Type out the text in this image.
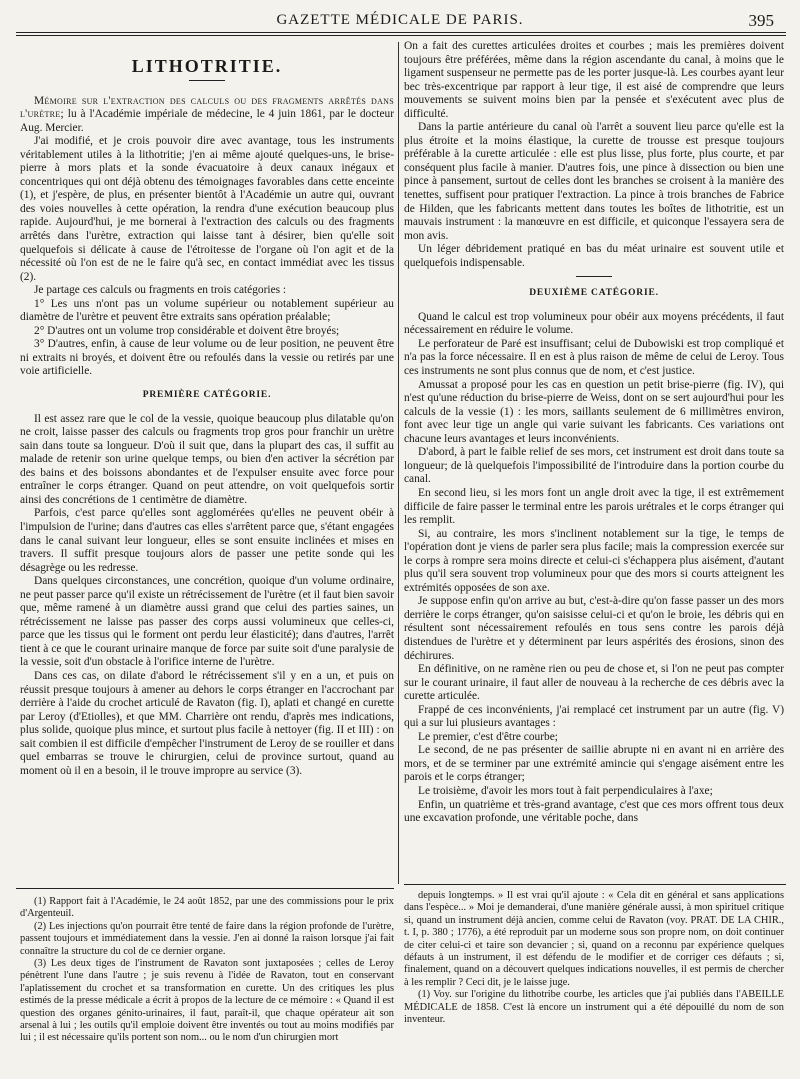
GAZETTE MÉDICALE DE PARIS.	395
LITHOTRITIE.

Mémoire sur l'extraction des calculs ou des fragments arrêtés dans l'urètre; lu à l'Académie impériale de médecine, le 4 juin 1861, par le docteur Aug. Mercier.

J'ai modifié, et je crois pouvoir dire avec avantage, tous les instruments véritablement utiles à la lithotritie; j'en ai même ajouté quelques-uns, le brise-pierre à mors plats et la sonde évacuatoire à deux canaux inégaux et concentriques qui ont déjà obtenu des témoignages favorables dans cette enceinte (1), et j'espère, de plus, en présenter bientôt à l'Académie un autre qui, ouvrant des voies nouvelles à cette opération, la rendra d'une exécution beaucoup plus rapide. Aujourd'hui, je me bornerai à l'extraction des calculs ou des fragments arrêtés dans l'urètre, extraction qui laisse tant à désirer, bien qu'elle soit quelquefois si délicate à cause de l'étroitesse de l'organe où l'on agit et de la nécessité où l'on est de ne le faire qu'à sec, en contact immédiat avec les tissus (2).

Je partage ces calculs ou fragments en trois catégories :

1° Les uns n'ont pas un volume supérieur ou notablement supérieur au diamètre de l'urètre et peuvent être extraits sans opération préalable;

2° D'autres ont un volume trop considérable et doivent être broyés;

3° D'autres, enfin, à cause de leur volume ou de leur position, ne peuvent être ni extraits ni broyés, et doivent être ou refoulés dans la vessie ou retirés par une voie artificielle.

PREMIÈRE CATÉGORIE.

Il est assez rare que le col de la vessie, quoique beaucoup plus dilatable qu'on ne croit, laisse passer des calculs ou fragments trop gros pour franchir un urètre sain dans toute sa longueur. D'où il suit que, dans la plupart des cas, il suffit au malade de retenir son urine quelque temps, ou bien d'en activer la sécrétion par des bains et des boissons abondantes et de l'expulser ensuite avec force pour entraîner le corps étranger. Quand on peut attendre, on voit quelquefois sortir ainsi des concrétions de 1 centimètre de diamètre.

Parfois, c'est parce qu'elles sont agglomérées qu'elles ne peuvent obéir à l'impulsion de l'urine; dans d'autres cas elles s'arrêtent parce que, s'étant engagées dans le canal suivant leur longueur, elles se sont ensuite inclinées et mises en travers. Il suffit presque toujours alors de passer une petite sonde qui les désagrège ou les redresse.

Dans quelques circonstances, une concrétion, quoique d'un volume ordinaire, ne peut passer parce qu'il existe un rétrécissement de l'urètre (et il faut bien savoir que, même ramené à un diamètre aussi grand que celui des parties saines, un rétrécissement ne laisse pas passer des corps aussi volumineux que celles-ci, parce que les tissus qui le forment ont perdu leur élasticité); dans d'autres, l'arrêt tient à ce que le courant urinaire manque de force par suite soit d'une paralysie de la vessie, soit d'un obstacle à l'orifice interne de l'urètre.

Dans ces cas, on dilate d'abord le rétrécissement s'il y en a un, et puis on réussit presque toujours à amener au dehors le corps étranger en l'accrochant par derrière à l'aide du crochet articulé de Ravaton (fig. I), aplati et changé en curette par Leroy (d'Etiolles), et que MM. Charrière ont rendu, d'après mes indications, plus solide, quoique plus mince, et surtout plus facile à nettoyer (fig. II et III) : on sait combien il est difficile d'empêcher l'instrument de Leroy de se rouiller et dans quel embarras se trouve le chirurgien, celui de province surtout, quand au moment où il en a besoin, il le trouve impropre au service (3).

On a fait des curettes articulées droites et courbes ; mais les premières doivent toujours être préférées, même dans la région ascendante du canal, à moins que le ligament suspenseur ne permette pas de les porter jusque-là. Les courbes ayant leur bec très-excentrique par rapport à leur tige, il est aisé de comprendre que leurs mouvements se suivent moins bien par la pensée et s'exécutent avec plus de difficulté.

Dans la partie antérieure du canal où l'arrêt a souvent lieu parce qu'elle est la plus étroite et la moins élastique, la curette de trousse est presque toujours préférable à la curette articulée : elle est plus lisse, plus forte, plus courte, et par conséquent plus facile à manier. D'autres fois, une pince à dissection ou bien une pince à pansement, surtout de celles dont les branches se croisent à la manière des tenettes, suffisent pour pratiquer l'extraction. La pince à trois branches de Fabrice de Hilden, que les fabricants mettent dans toutes les boîtes de lithotritie, est un mauvais instrument : la manœuvre en est difficile, et quiconque l'essayera sera de mon avis.

Un léger débridement pratiqué en bas du méat urinaire est souvent utile et quelquefois indispensable.

DEUXIÈME CATÉGORIE.

Quand le calcul est trop volumineux pour obéir aux moyens précédents, il faut nécessairement en réduire le volume.

Le perforateur de Paré est insuffisant; celui de Dubowiski est trop compliqué et n'a pas la force nécessaire. Il en est à plus raison de même de celui de Leroy. Tous ces instruments ne sont plus connus que de nom, et c'est justice.

Amussat a proposé pour les cas en question un petit brise-pierre (fig. IV), qui n'est qu'une réduction du brise-pierre de Weiss, dont on se sert aujourd'hui pour les calculs de la vessie (1) : les mors, saillants seulement de 6 millimètres environ, font avec leur tige un angle qui varie suivant les fabricants. Ces variations ont chacune leurs avantages et leurs inconvénients.

D'abord, à part le faible relief de ses mors, cet instrument est droit dans toute sa longueur; de là quelquefois l'impossibilité de l'introduire dans la portion courbe du canal.

En second lieu, si les mors font un angle droit avec la tige, il est extrêmement difficile de faire passer le terminal entre les parois urétrales et le corps étranger qui les remplit.

Si, au contraire, les mors s'inclinent notablement sur la tige, le temps de l'opération dont je viens de parler sera plus facile; mais la compression exercée sur le corps à rompre sera moins directe et celui-ci s'échappera plus aisément, d'autant plus qu'il sera souvent trop volumineux pour que des mors si courts atteignent les extrémités opposées de son axe.

Je suppose enfin qu'on arrive au but, c'est-à-dire qu'on fasse passer un des mors derrière le corps étranger, qu'on saisisse celui-ci et qu'on le broie, les débris qui en résultent sont nécessairement refoulés en tous sens contre les parois déjà distendues de l'urètre et y déterminent par leurs aspérités des érosions, sinon des déchirures.

En définitive, on ne ramène rien ou peu de chose et, si l'on ne peut pas compter sur le courant urinaire, il faut aller de nouveau à la recherche de ces débris avec la curette articulée.

Frappé de ces inconvénients, j'ai remplacé cet instrument par un autre (fig. V) qui a sur lui plusieurs avantages :

Le premier, c'est d'être courbe;

Le second, de ne pas présenter de saillie abrupte ni en avant ni en arrière des mors, et de se terminer par une extrémité amincie qui s'engage aisément entre les parois et le corps étranger;

Le troisième, d'avoir les mors tout à fait perpendiculaires à l'axe;

Enfin, un quatrième et très-grand avantage, c'est que ces mors offrent tous deux une excavation profonde, une véritable poche, dans

(1) Rapport fait à l'Académie, le 24 août 1852, par une des commissions pour le prix d'Argenteuil.

(2) Les injections qu'on pourrait être tenté de faire dans la région profonde de l'urètre, passent toujours et immédiatement dans la vessie. J'en ai donné la raison lorsque j'ai fait connaître la structure du col de ce dernier organe.

(3) Les deux tiges de l'instrument de Ravaton sont juxtaposées ; celles de Leroy pénètrent l'une dans l'autre ; je suis revenu à l'idée de Ravaton, tout en conservant l'aplatissement du crochet et sa transformation en curette. Un des critiques les plus estimés de la presse médicale a écrit à propos de la lecture de ce mémoire : « Quand il est question des organes génito-urinaires, il faut, paraît-il, que chaque opérateur ait son arsenal à lui ; les outils qu'il emploie doivent être inventés ou tout au moins modifiés par lui ; il est nécessaire qu'ils portent son nom... ou le nom d'un chirurgien mort

depuis longtemps. » Il est vrai qu'il ajoute : « Cela dit en général et sans applications dans l'espèce... » Moi je demanderai, d'une manière générale aussi, à mon spirituel critique si, quand un instrument déjà ancien, comme celui de Ravaton (voy. PRAT. DE LA CHIR., t. I, p. 380 ; 1776), a été reproduit par un moderne sous son propre nom, on doit continuer de citer celui-ci et taire son devancier ; si, quand on a reconnu par expérience quelques défauts à un instrument, il est défendu de le modifier et de corriger ces défauts ; si, finalement, quand on a découvert quelques indications nouvelles, il est permis de chercher à les remplir ? Ceci dit, je le laisse juge.

(1) Voy. sur l'origine du lithotribe courbe, les articles que j'ai publiés dans l'ABEILLE MÉDICALE de 1858. C'est là encore un instrument qui a été dépouillé du nom de son inventeur.
